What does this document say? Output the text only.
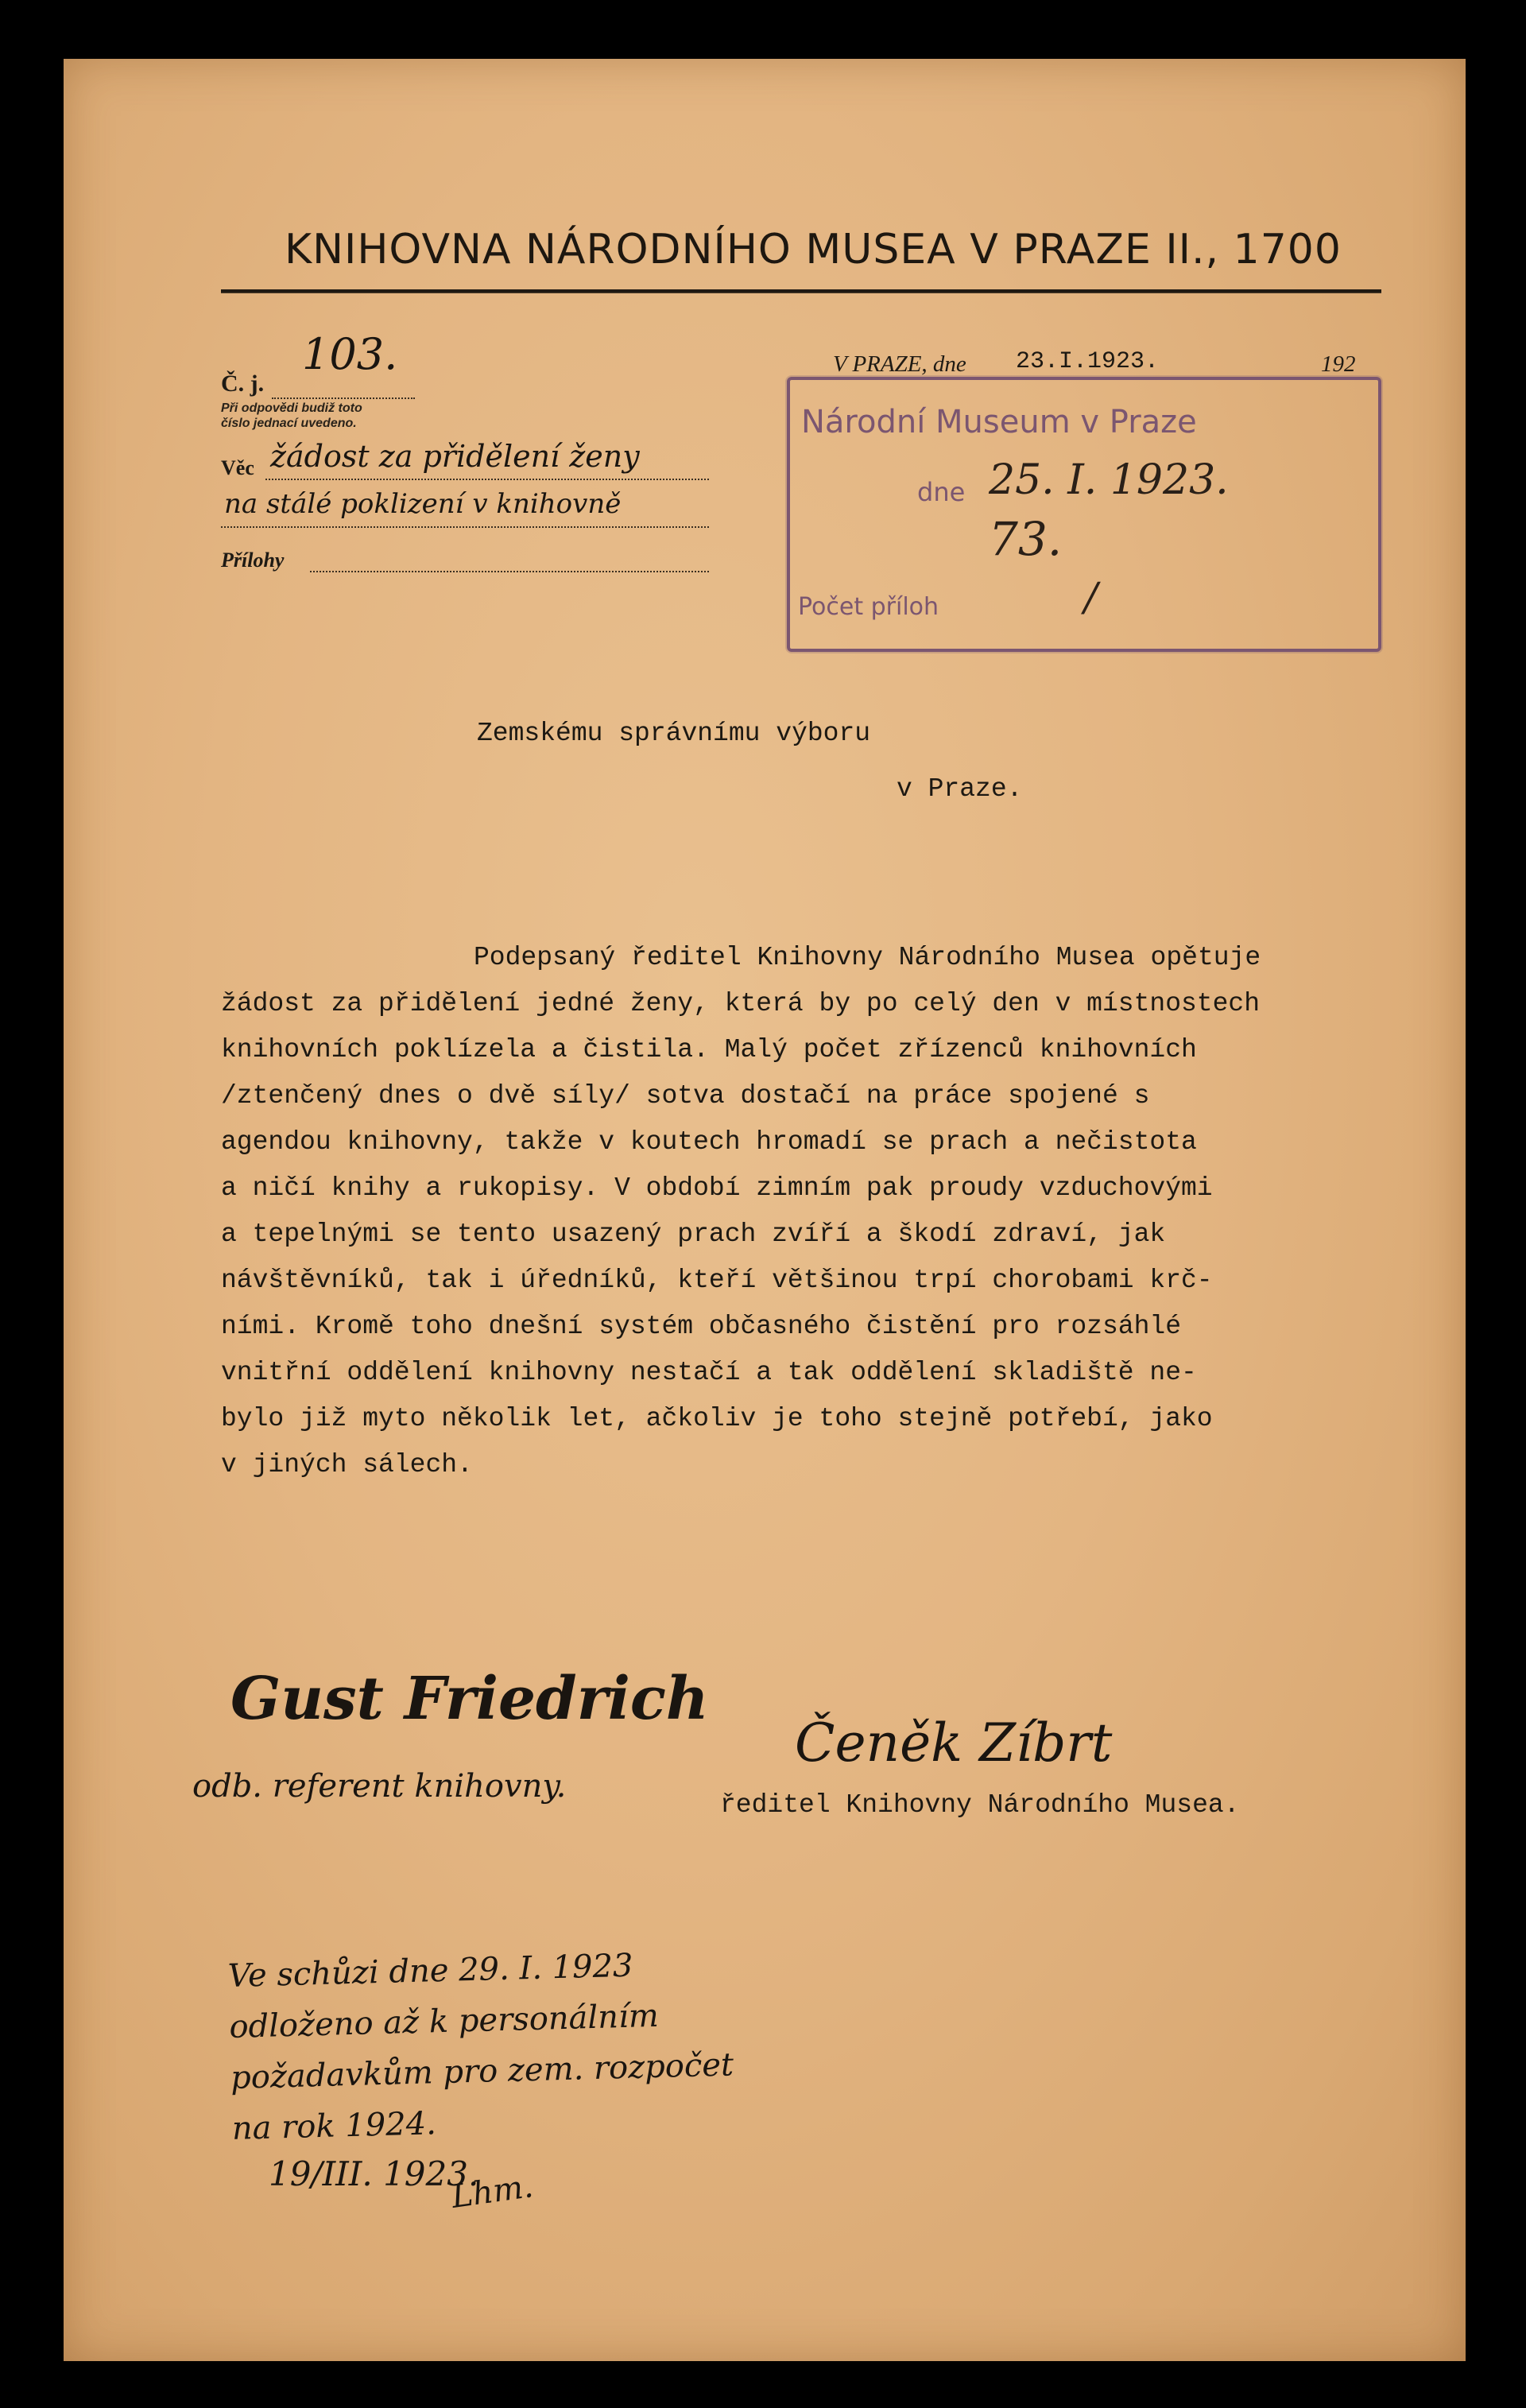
KNIHOVNA NÁRODNÍHO MUSEA V PRAZE II., 1700
Č. j.
103.
Při odpovědi budiž toto
číslo jednací uvedeno.
V PRAZE, dne 23.I.1923.	192
Věc žádost za přidělení ženy
na stálé poklizení v knihovně
Přílohy
Národní Museum v Praze
dne 25. I. 1923.
73.
Počet příloh	/
Zemskému správnímu výboru
v Praze.
Podepsaný ředitel Knihovny Národního Musea opětuje
žádost za přidělení jedné ženy, která by po celý den v místnostech
knihovních poklízela a čistila. Malý počet zřízenců knihovních
/ztenčený dnes o dvě síly/ sotva dostačí na práce spojené s
agendou knihovny, takže v koutech hromadí se prach a nečistota
a ničí knihy a rukopisy. V období zimním pak proudy vzduchovými
a tepelnými se tento usazený prach zvíří a škodí zdraví, jak
návštěvníků, tak i úředníků, kteří většinou trpí chorobami krč-
ními. Kromě toho dnešní systém občasného čistění pro rozsáhlé
vnitřní oddělení knihovny nestačí a tak oddělení skladiště ne-
bylo již myto několik let, ačkoliv je toho stejně potřebí, jako
v jiných sálech.
Gust Friedrich
odb. referent knihovny.
Čeněk Zíbrt
ředitel Knihovny Národního Musea.
Ve schůzi dne 29. I. 1923
odloženo až k personálním
požadavkům pro zem. rozpočet
na rok 1924.
19/III. 1923.
Lhm.
